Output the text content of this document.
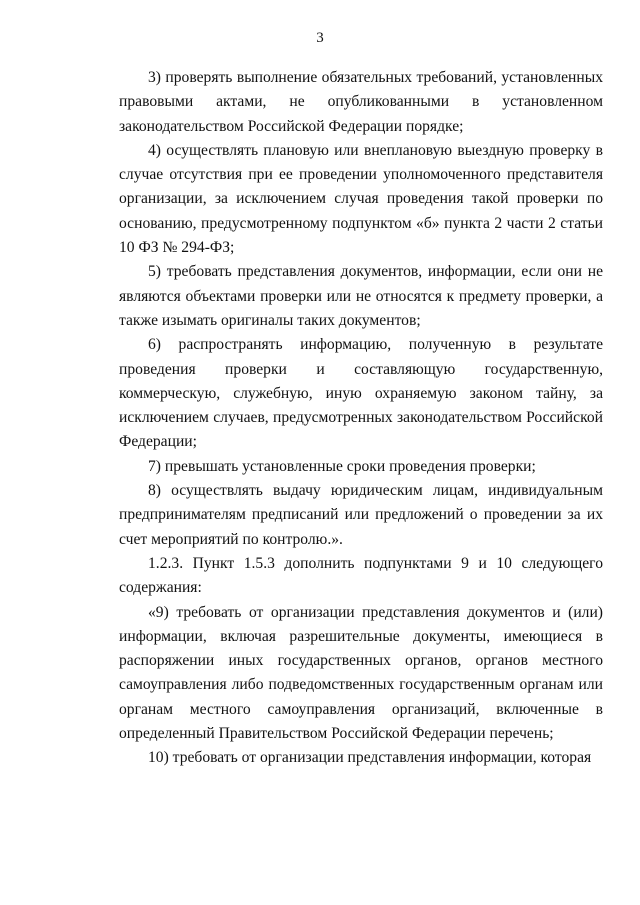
3

3) проверять выполнение обязательных требований, установленных правовыми актами, не опубликованными в установленном законодательством Российской Федерации порядке;

4) осуществлять плановую или внеплановую выездную проверку в случае отсутствия при ее проведении уполномоченного представителя организации, за исключением случая проведения такой проверки по основанию, предусмотренному подпунктом «б» пункта 2 части 2 статьи 10 ФЗ № 294-ФЗ;

5) требовать представления документов, информации, если они не являются объектами проверки или не относятся к предмету проверки, а также изымать оригиналы таких документов;

6) распространять информацию, полученную в результате проведения проверки и составляющую государственную, коммерческую, служебную, иную охраняемую законом тайну, за исключением случаев, предусмотренных законодательством Российской Федерации;

7) превышать установленные сроки проведения проверки;

8) осуществлять выдачу юридическим лицам, индивидуальным предпринимателям предписаний или предложений о проведении за их счет мероприятий по контролю.».

1.2.3. Пункт 1.5.3 дополнить подпунктами 9 и 10 следующего содержания:

«9) требовать от организации представления документов и (или) информации, включая разрешительные документы, имеющиеся в распоряжении иных государственных органов, органов местного самоуправления либо подведомственных государственным органам или органам местного самоуправления организаций, включенные в определенный Правительством Российской Федерации перечень;

10) требовать от организации представления информации, которая
